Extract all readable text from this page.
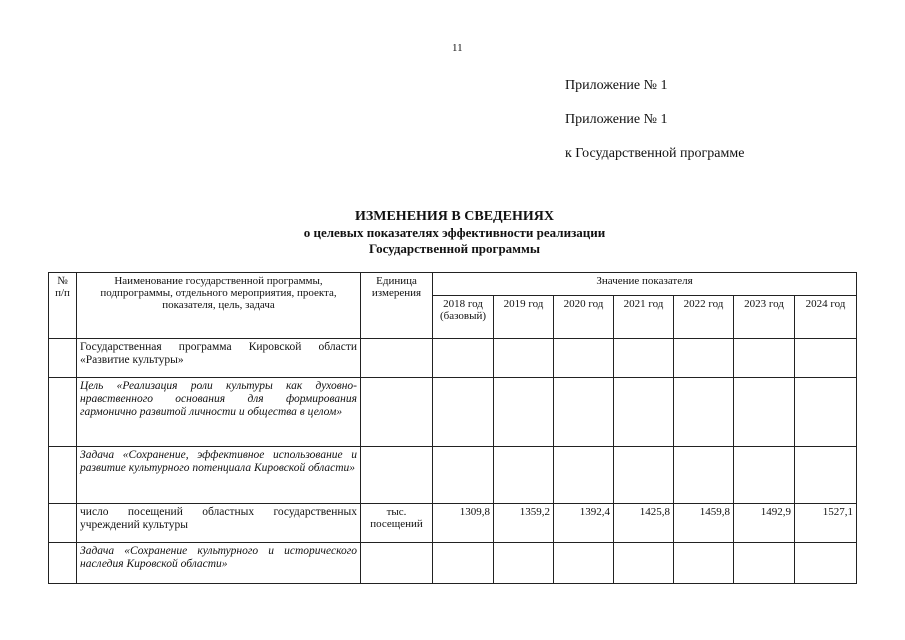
11
Приложение № 1
Приложение № 1
к Государственной программе
ИЗМЕНЕНИЯ В СВЕДЕНИЯХ
о целевых показателях эффективности реализации
Государственной программы
№ п/п	Наименование государственной программы, подпрограммы, отдельного мероприятия, проекта, показателя, цель, задача	Единица измерения	Значение показателя						
			2018 год (базовый)	2019 год	2020 год	2021 год	2022 год	2023 год	2024 год
	Государственная программа Кировской области «Развитие культуры»								
	Цель «Реализация роли культуры как духовно-нравственного основания для формирования гармонично развитой личности и общества в целом»								
	Задача «Сохранение, эффективное использование и развитие культурного потенциала Кировской области»								
	число посещений областных государственных учреждений культуры	тыс. посещений	1309,8	1359,2	1392,4	1425,8	1459,8	1492,9	1527,1
	Задача «Сохранение культурного и исторического наследия Кировской области»								
